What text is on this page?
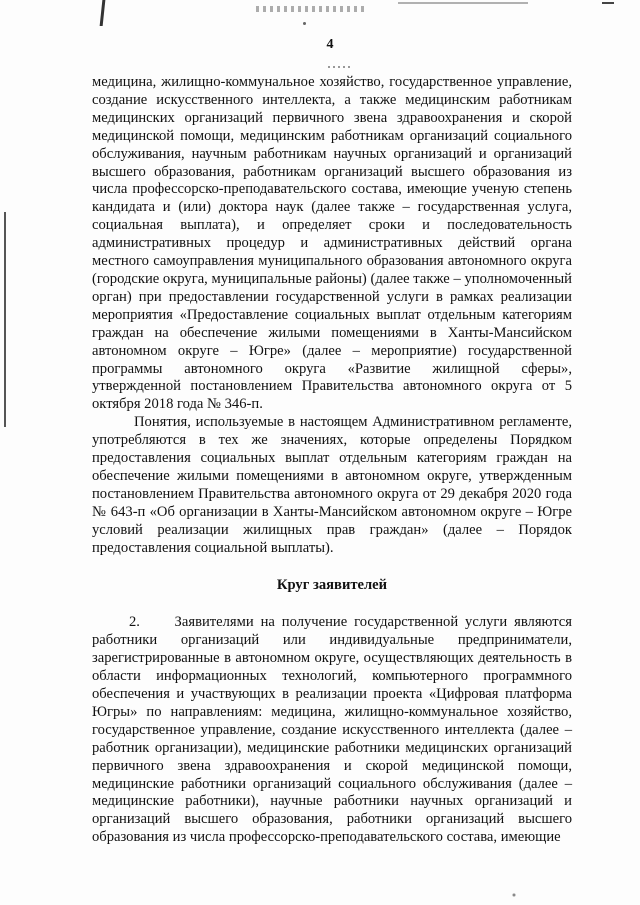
4

медицина, жилищно-коммунальное хозяйство, государственное управление, создание искусственного интеллекта, а также медицинским работникам медицинских организаций первичного звена здравоохранения и скорой медицинской помощи, медицинским работникам организаций социального обслуживания, научным работникам научных организаций и организаций высшего образования, работникам организаций высшего образования из числа профессорско-преподавательского состава, имеющие ученую степень кандидата и (или) доктора наук (далее также – государственная услуга, социальная выплата), и определяет сроки и последовательность административных процедур и административных действий органа местного самоуправления муниципального образования автономного округа (городские округа, муниципальные районы) (далее также – уполномоченный орган) при предоставлении государственной услуги в рамках реализации мероприятия «Предоставление социальных выплат отдельным категориям граждан на обеспечение жилыми помещениями в Ханты-Мансийском автономном округе – Югре» (далее – мероприятие) государственной программы автономного округа «Развитие жилищной сферы», утвержденной постановлением Правительства автономного округа от 5 октября 2018 года № 346-п.

Понятия, используемые в настоящем Административном регламенте, употребляются в тех же значениях, которые определены Порядком предоставления социальных выплат отдельным категориям граждан на обеспечение жилыми помещениями в автономном округе, утвержденным постановлением Правительства автономного округа от 29 декабря 2020 года № 643-п «Об организации в Ханты-Мансийском автономном округе – Югре условий реализации жилищных прав граждан» (далее – Порядок предоставления социальной выплаты).

Круг заявителей

2.     Заявителями на получение государственной услуги являются работники организаций или индивидуальные предприниматели, зарегистрированные в автономном округе, осуществляющих деятельность в области информационных технологий, компьютерного программного обеспечения и участвующих в реализации проекта «Цифровая платформа Югры» по направлениям: медицина, жилищно-коммунальное хозяйство, государственное управление, создание искусственного интеллекта (далее – работник организации), медицинские работники медицинских организаций первичного звена здравоохранения и скорой медицинской помощи, медицинские работники организаций социального обслуживания (далее – медицинские работники), научные работники научных организаций и организаций высшего образования, работники организаций высшего образования из числа профессорско-преподавательского состава, имеющие
